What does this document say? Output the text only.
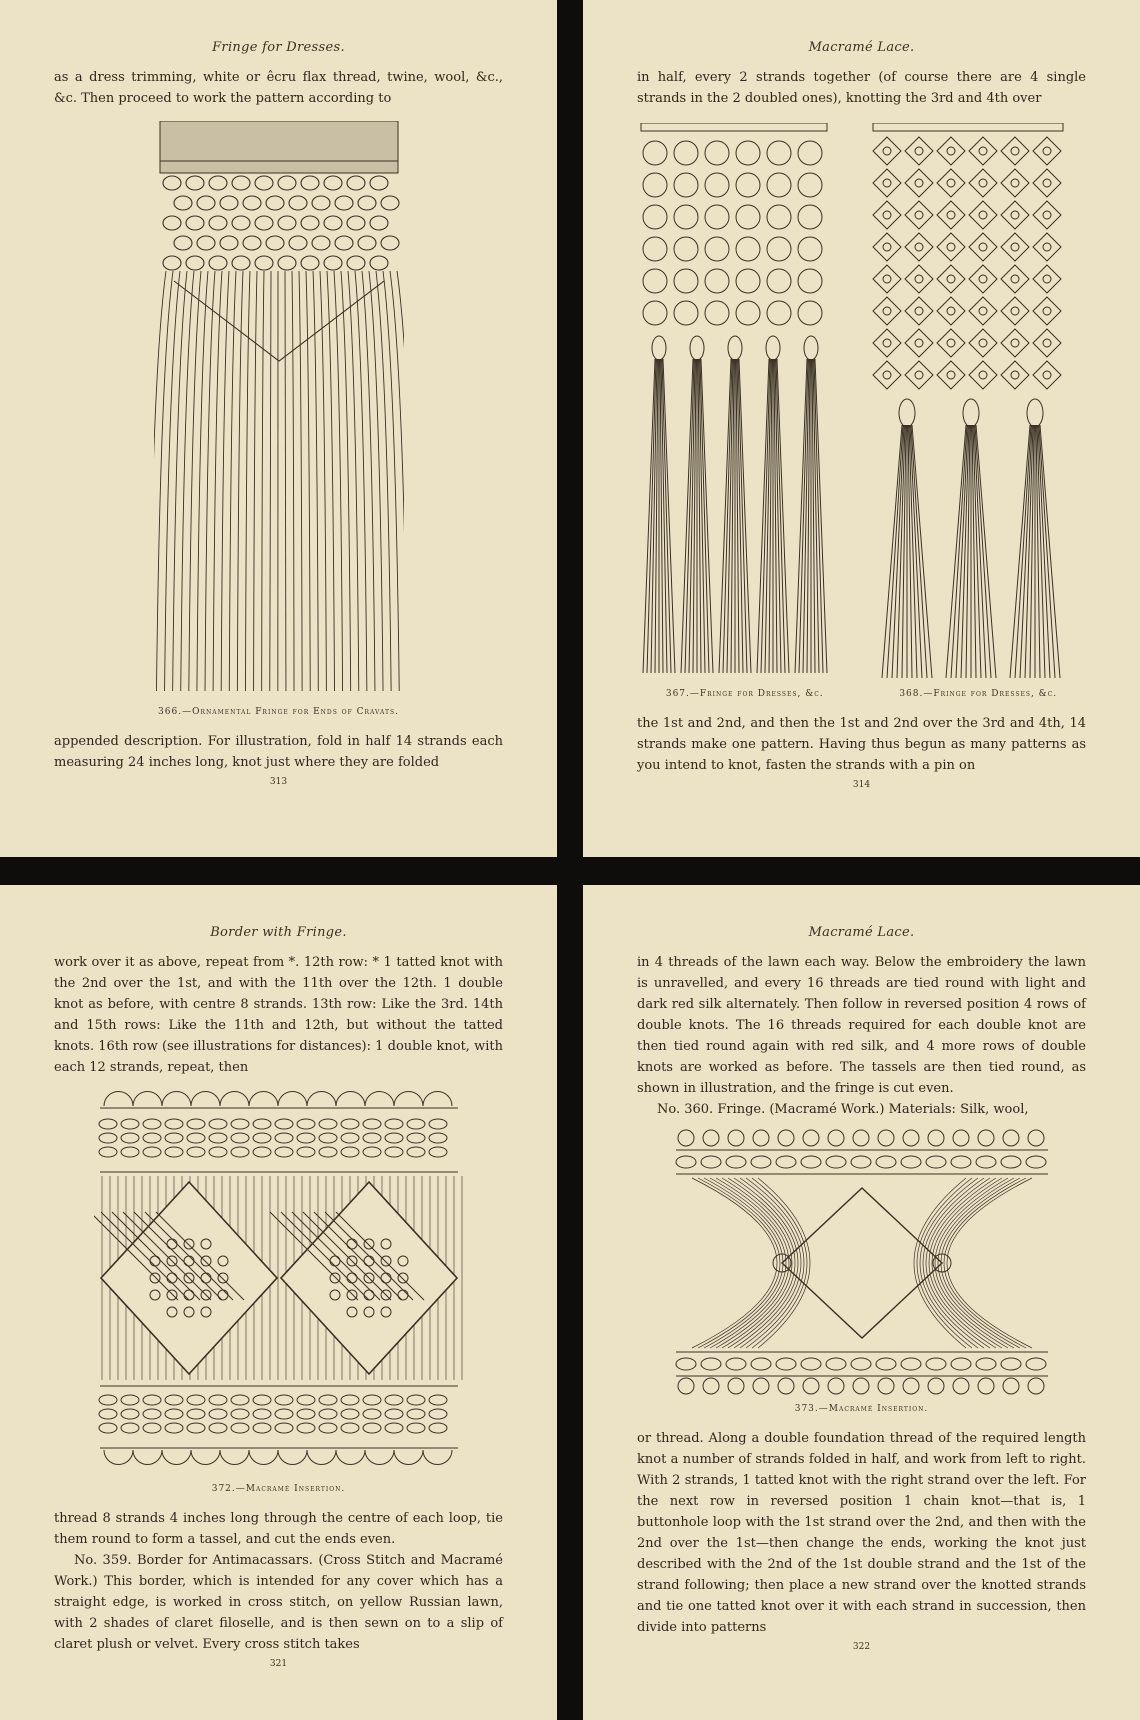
Fringe for Dresses.

as a dress trimming, white or êcru flax thread, twine, wool, &c., &c. Then proceed to work the pattern according to

366.—Ornamental Fringe for Ends of Cravats.

appended description. For illustration, fold in half 14 strands each measuring 24 inches long, knot just where they are folded

313
Macramé Lace.

in half, every 2 strands together (of course there are 4 single strands in the 2 doubled ones), knotting the 3rd and 4th over

367.—Fringe for Dresses, &c.	368.—Fringe for Dresses, &c.

the 1st and 2nd, and then the 1st and 2nd over the 3rd and 4th, 14 strands make one pattern. Having thus begun as many patterns as you intend to knot, fasten the strands with a pin on

314
Border with Fringe.

work over it as above, repeat from *. 12th row: * 1 tatted knot with the 2nd over the 1st, and with the 11th over the 12th. 1 double knot as before, with centre 8 strands. 13th row: Like the 3rd. 14th and 15th rows: Like the 11th and 12th, but without the tatted knots. 16th row (see illustrations for distances): 1 double knot, with each 12 strands, repeat, then

372.—Macramé Insertion.

thread 8 strands 4 inches long through the centre of each loop, tie them round to form a tassel, and cut the ends even.

No. 359. Border for Antimacassars. (Cross Stitch and Macramé Work.) This border, which is intended for any cover which has a straight edge, is worked in cross stitch, on yellow Russian lawn, with 2 shades of claret filoselle, and is then sewn on to a slip of claret plush or velvet. Every cross stitch takes

321
Macramé Lace.

in 4 threads of the lawn each way. Below the embroidery the lawn is unravelled, and every 16 threads are tied round with light and dark red silk alternately. Then follow in reversed position 4 rows of double knots. The 16 threads required for each double knot are then tied round again with red silk, and 4 more rows of double knots are worked as before. The tassels are then tied round, as shown in illustration, and the fringe is cut even.

No. 360. Fringe. (Macramé Work.) Materials: Silk, wool,

373.—Macramé Insertion.

or thread. Along a double foundation thread of the required length knot a number of strands folded in half, and work from left to right. With 2 strands, 1 tatted knot with the right strand over the left. For the next row in reversed position 1 chain knot—that is, 1 buttonhole loop with the 1st strand over the 2nd, and then with the 2nd over the 1st—then change the ends, working the knot just described with the 2nd of the 1st double strand and the 1st of the strand following; then place a new strand over the knotted strands and tie one tatted knot over it with each strand in succession, then divide into patterns

322
